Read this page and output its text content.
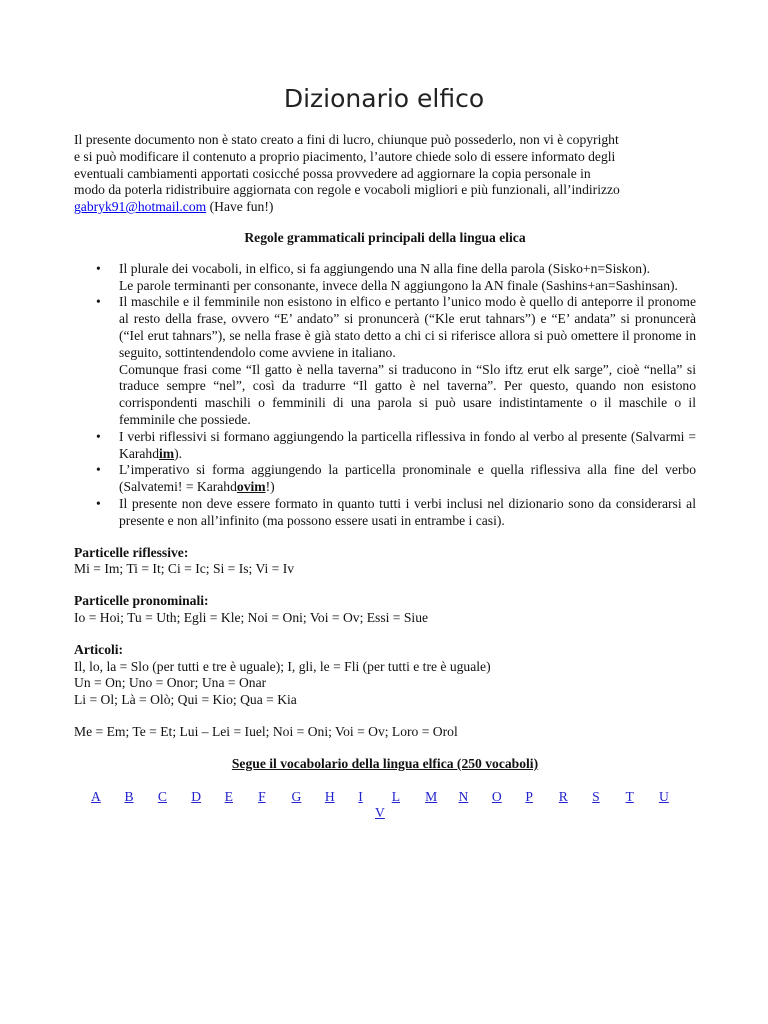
Dizionario elfico

Il presente documento non è stato creato a fini di lucro, chiunque può possederlo, non vi è copyright
e si può modificare il contenuto a proprio piacimento, l’autore chiede solo di essere informato degli
eventuali cambiamenti apportati cosicché possa provvedere ad aggiornare la copia personale in
modo da poterla ridistribuire aggiornata con regole e vocaboli migliori e più funzionali, all’indirizzo
gabryk91@hotmail.com (Have fun!)

Regole grammaticali principali della lingua elica

• Il plurale dei vocaboli, in elfico, si fa aggiungendo una N alla fine della parola (Sisko+n=Siskon).
Le parole terminanti per consonante, invece della N aggiungono la AN finale (Sashins+an=Sashinsan).
• Il maschile e il femminile non esistono in elfico e pertanto l’unico modo è quello di anteporre il pronome al resto della frase, ovvero “E’ andato” si pronuncerà (“Kle erut tahnars”) e “E’ andata” si pronuncerà (“Iel erut tahnars”), se nella frase è già stato detto a chi ci si riferisce allora si può omettere il pronome in seguito, sottintendendolo come avviene in italiano.
Comunque frasi come “Il gatto è nella taverna” si traducono in “Slo iftz erut elk sarge”, cioè “nella” si traduce sempre “nel”, così da tradurre “Il gatto è nel taverna”. Per questo, quando non esistono corrispondenti maschili o femminili di una parola si può usare indistintamente o il maschile o il femminile che possiede.
• I verbi riflessivi si formano aggiungendo la particella riflessiva in fondo al verbo al presente (Salvarmi = Karahdim).
• L’imperativo si forma aggiungendo la particella pronominale e quella riflessiva alla fine del verbo (Salvatemi! = Karahdovim!)
• Il presente non deve essere formato in quanto tutti i verbi inclusi nel dizionario sono da considerarsi al presente e non all’infinito (ma possono essere usati in entrambe i casi).
Particelle riflessive:
Mi = Im; Ti = It; Ci = Ic; Si = Is; Vi = Iv
Particelle pronominali:
Io = Hoi; Tu = Uth; Egli = Kle; Noi = Oni; Voi = Ov; Essi = Siue
Articoli:
Il, lo, la = Slo (per tutti e tre è uguale); I, gli, le = Fli (per tutti e tre è uguale)
Un = On; Uno = Onor; Una = Onar
Li = Ol; Là = Olò; Qui = Kio; Qua = Kia
Me = Em; Te = Et; Lui – Lei = Iuel; Noi = Oni; Voi = Ov; Loro = Orol

Segue il vocabolario della lingua elfica (250 vocaboli)

A B C D E F G H I L M N O P R S T U V
